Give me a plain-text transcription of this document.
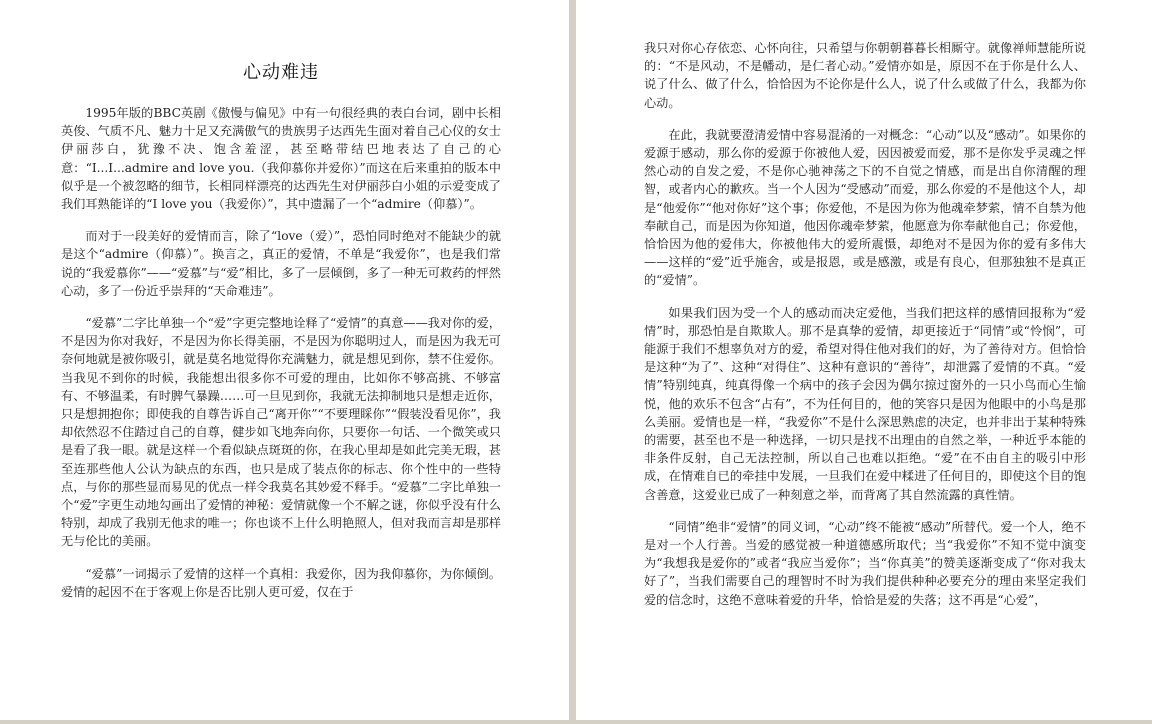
心动难违

1995年版的BBC英剧《傲慢与偏见》中有一句很经典的表白台词，剧中长相英俊、气质不凡、魅力十足又充满傲气的贵族男子达西先生面对着自己心仪的女士伊丽莎白，犹豫不决、饱含羞涩，甚至略带结巴地表达了自己的心意：“I...I...admire and love you.（我仰慕你并爱你）”而这在后来重拍的版本中似乎是一个被忽略的细节，长相同样漂亮的达西先生对伊丽莎白小姐的示爱变成了我们耳熟能详的“I love you（我爱你）”，其中遗漏了一个“admire（仰慕）”。

而对于一段美好的爱情而言，除了“love（爱）”，恐怕同时绝对不能缺少的就是这个“admire（仰慕）”。换言之，真正的爱情，不单是“我爱你”，也是我们常说的“我爱慕你”——“爱慕”与“爱”相比，多了一层倾倒，多了一种无可救药的怦然心动，多了一份近乎崇拜的“天命难违”。

“爱慕”二字比单独一个“爱”字更完整地诠释了“爱情”的真意——我对你的爱，不是因为你对我好，不是因为你长得美丽，不是因为你聪明过人，而是因为我无可奈何地就是被你吸引，就是莫名地觉得你充满魅力，就是想见到你，禁不住爱你。当我见不到你的时候，我能想出很多你不可爱的理由，比如你不够高挑、不够富有、不够温柔，有时脾气暴躁……可一旦见到你，我就无法抑制地只是想走近你，只是想拥抱你；即使我的自尊告诉自己“离开你”“不要理睬你”“假装没看见你”，我却依然忍不住踏过自己的自尊，健步如飞地奔向你，只要你一句话、一个微笑或只是看了我一眼。就是这样一个看似缺点斑斑的你，在我心里却是如此完美无瑕，甚至连那些他人公认为缺点的东西，也只是成了装点你的标志、你个性中的一些特点，与你的那些显而易见的优点一样令我莫名其妙爱不释手。“爱慕”二字比单独一个“爱”字更生动地勾画出了爱情的神秘：爱情就像一个不解之谜，你似乎没有什么特别，却成了我别无他求的唯一；你也谈不上什么明艳照人，但对我而言却是那样无与伦比的美丽。

“爱慕”一词揭示了爱情的这样一个真相：我爱你，因为我仰慕你，为你倾倒。爱情的起因不在于客观上你是否比别人更可爱，仅在于

我只对你心存依恋、心怀向往，只希望与你朝朝暮暮长相厮守。就像禅师慧能所说的：“不是风动，不是幡动，是仁者心动。”爱情亦如是，原因不在于你是什么人、说了什么、做了什么，恰恰因为不论你是什么人，说了什么或做了什么，我都为你心动。

在此，我就要澄清爱情中容易混淆的一对概念：“心动”以及“感动”。如果你的爱源于感动，那么你的爱源于你被他人爱，因因被爱而爱，那不是你发乎灵魂之怦然心动的自发之爱，不是你心驰神荡之下的不自觉之情感，而是出自你清醒的理智，或者内心的歉疚。当一个人因为“受感动”而爱，那么你爱的不是他这个人，却是“他爱你”“他对你好”这个事；你爱他，不是因为你为他魂牵梦萦，情不自禁为他奉献自己，而是因为你知道，他因你魂牵梦萦，他愿意为你奉献他自己；你爱他，恰恰因为他的爱伟大，你被他伟大的爱所震慑，却绝对不是因为你的爱有多伟大——这样的“爱”近乎施舍，或是报恩，或是感激，或是有良心，但那独独不是真正的“爱情”。

如果我们因为受一个人的感动而决定爱他，当我们把这样的感情回报称为“爱情”时，那恐怕是自欺欺人。那不是真挚的爱情，却更接近于“同情”或“怜悯”，可能源于我们不想辜负对方的爱，希望对得住他对我们的好，为了善待对方。但恰恰是这种“为了”、这种“对得住”、这种有意识的“善待”，却泄露了爱情的不真。“爱情”特别纯真，纯真得像一个病中的孩子会因为偶尔掠过窗外的一只小鸟而心生愉悦，他的欢乐不包含“占有”，不为任何目的，他的笑容只是因为他眼中的小鸟是那么美丽。爱情也是一样，“我爱你”不是什么深思熟虑的决定，也并非出于某种特殊的需要，甚至也不是一种选择，一切只是找不出理由的自然之举，一种近乎本能的非条件反射，自己无法控制，所以自己也难以拒绝。“爱”在不由自主的吸引中形成，在情难自已的牵挂中发展，一旦我们在爱中糅进了任何目的，即使这个目的饱含善意，这爱业已成了一种刻意之举，而背离了其自然流露的真性情。

“同情”绝非“爱情”的同义词，“心动”终不能被“感动”所替代。爱一个人，绝不是对一个人行善。当爱的感觉被一种道德感所取代；当“我爱你”不知不觉中演变为“我想我是爱你的”或者“我应当爱你”；当“你真美”的赞美逐渐变成了“你对我太好了”，当我们需要自己的理智时不时为我们提供种种必要充分的理由来坚定我们爱的信念时，这绝不意味着爱的升华，恰恰是爱的失落；这不再是“心爱”，
